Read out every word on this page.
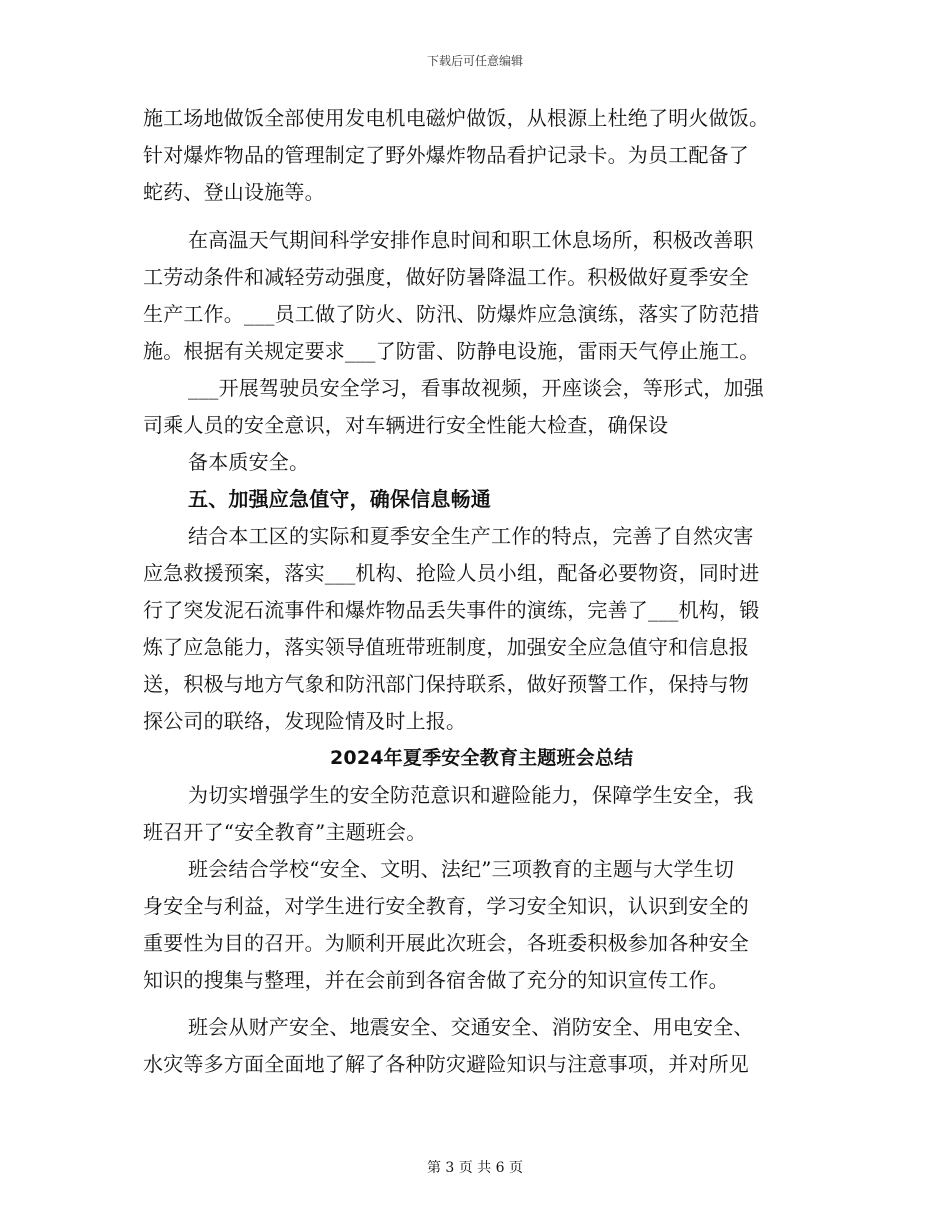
下载后可任意编辑
施工场地做饭全部使用发电机电磁炉做饭，从根源上杜绝了明火做饭。
针对爆炸物品的管理制定了野外爆炸物品看护记录卡。为员工配备了
蛇药、登山设施等。
在高温天气期间科学安排作息时间和职工休息场所，积极改善职
工劳动条件和减轻劳动强度，做好防暑降温工作。积极做好夏季安全
生产工作。___员工做了防火、防汛、防爆炸应急演练，落实了防范措
施。根据有关规定要求___了防雷、防静电设施，雷雨天气停止施工。
___开展驾驶员安全学习，看事故视频，开座谈会，等形式，加强
司乘人员的安全意识，对车辆进行安全性能大检查，确保设
备本质安全。
五、加强应急值守，确保信息畅通
结合本工区的实际和夏季安全生产工作的特点，完善了自然灾害
应急救援预案，落实___机构、抢险人员小组，配备必要物资，同时进
行了突发泥石流事件和爆炸物品丢失事件的演练，完善了___机构，锻
炼了应急能力，落实领导值班带班制度，加强安全应急值守和信息报
送，积极与地方气象和防汛部门保持联系，做好预警工作，保持与物
探公司的联络，发现险情及时上报。
2024年夏季安全教育主题班会总结
为切实增强学生的安全防范意识和避险能力，保障学生安全，我
班召开了“安全教育”主题班会。
班会结合学校“安全、文明、法纪”三项教育的主题与大学生切
身安全与利益，对学生进行安全教育，学习安全知识，认识到安全的
重要性为目的召开。为顺利开展此次班会，各班委积极参加各种安全
知识的搜集与整理，并在会前到各宿舍做了充分的知识宣传工作。
班会从财产安全、地震安全、交通安全、消防安全、用电安全、
水灾等多方面全面地了解了各种防灾避险知识与注意事项，并对所见
第 3 页 共 6 页
